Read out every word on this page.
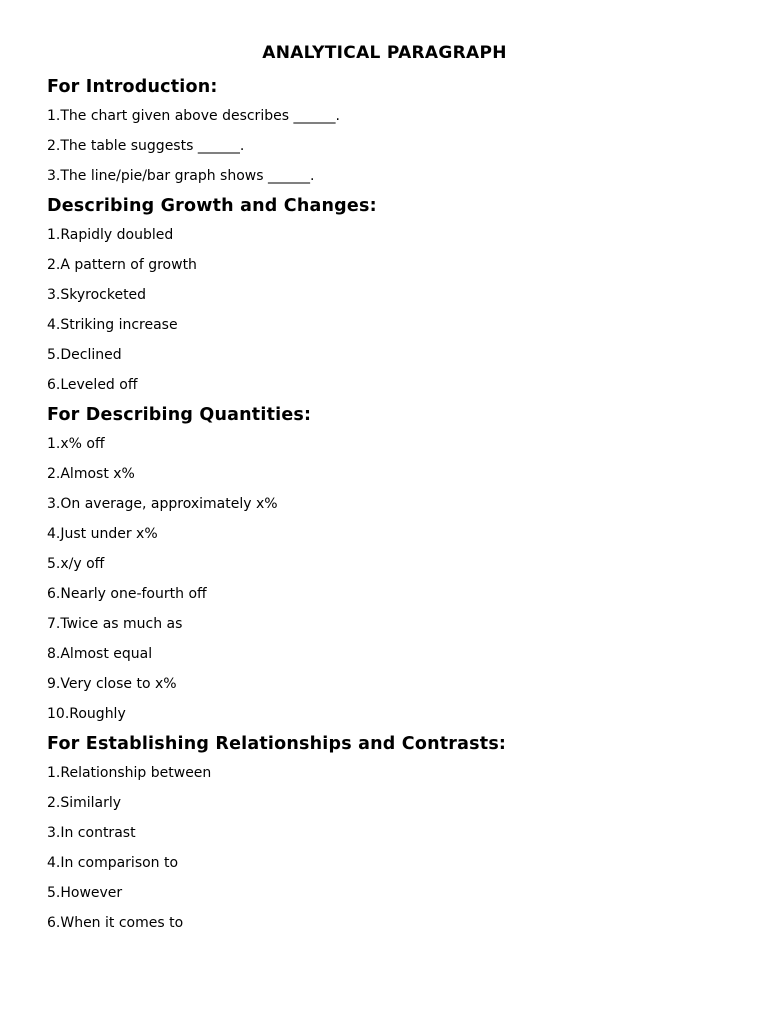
ANALYTICAL PARAGRAPH
For Introduction:
1.The chart given above describes ______.
2.The table suggests ______.
3.The line/pie/bar graph shows ______.
Describing Growth and Changes:
1.Rapidly doubled
2.A pattern of growth
3.Skyrocketed
4.Striking increase
5.Declined
6.Leveled off
For Describing Quantities:
1.x% off
2.Almost x%
3.On average, approximately x%
4.Just under x%
5.x/y off
6.Nearly one-fourth off
7.Twice as much as
8.Almost equal
9.Very close to x%
10.Roughly
For Establishing Relationships and Contrasts:
1.Relationship between
2.Similarly
3.In contrast
4.In comparison to
5.However
6.When it comes to
